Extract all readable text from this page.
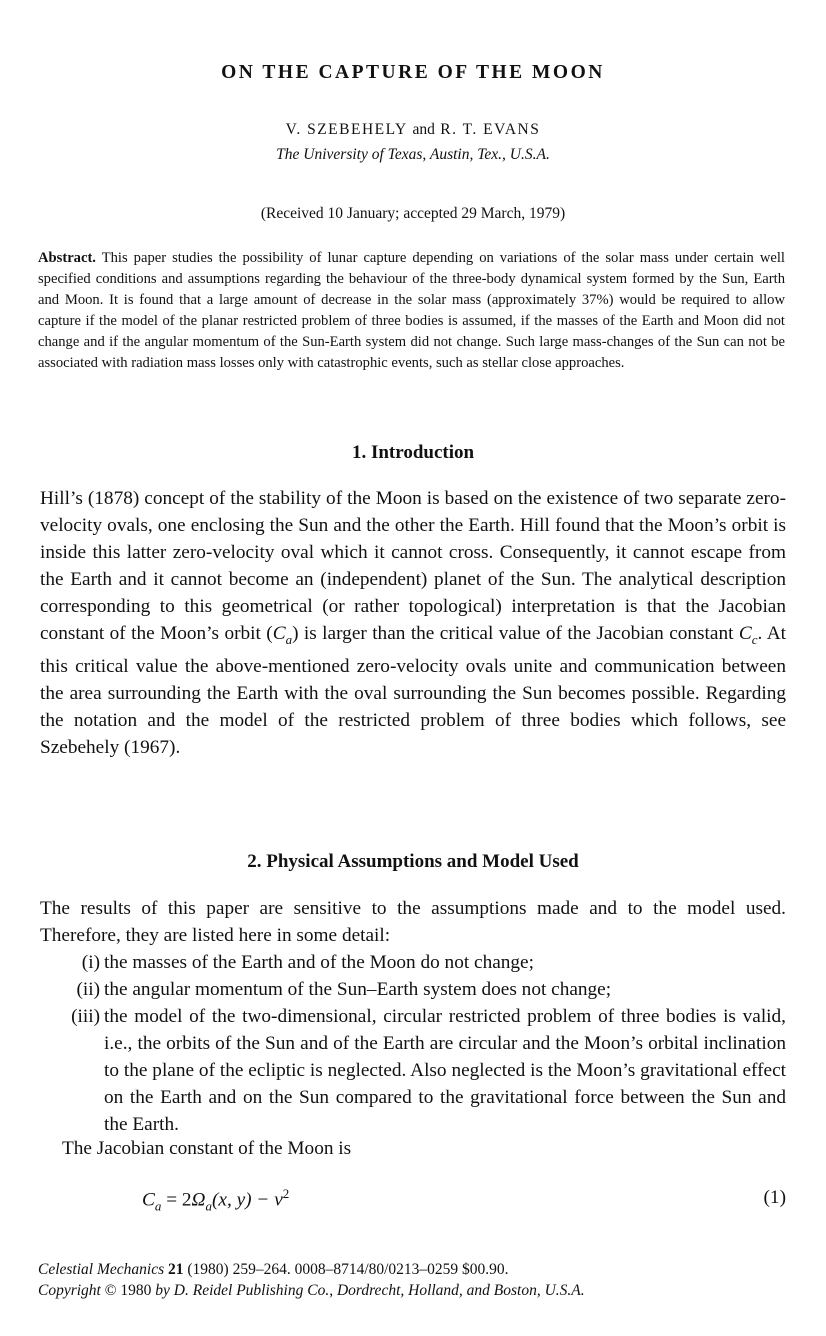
ON THE CAPTURE OF THE MOON
V. SZEBEHELY and R. T. EVANS
The University of Texas, Austin, Tex., U.S.A.
(Received 10 January; accepted 29 March, 1979)
Abstract. This paper studies the possibility of lunar capture depending on variations of the solar mass under certain well specified conditions and assumptions regarding the behaviour of the three-body dynamical system formed by the Sun, Earth and Moon. It is found that a large amount of decrease in the solar mass (approximately 37%) would be required to allow capture if the model of the planar restricted problem of three bodies is assumed, if the masses of the Earth and Moon did not change and if the angular momentum of the Sun-Earth system did not change. Such large mass-changes of the Sun can not be associated with radiation mass losses only with catastrophic events, such as stellar close approaches.
1. Introduction
Hill’s (1878) concept of the stability of the Moon is based on the existence of two separate zero-velocity ovals, one enclosing the Sun and the other the Earth. Hill found that the Moon’s orbit is inside this latter zero-velocity oval which it cannot cross. Consequently, it cannot escape from the Earth and it cannot become an (independent) planet of the Sun. The analytical description corresponding to this geometrical (or rather topological) interpretation is that the Jacobian constant of the Moon’s orbit $(C_a)$ is larger than the critical value of the Jacobian constant $C_c$. At this critical value the above-mentioned zero-velocity ovals unite and communication between the area surrounding the Earth with the oval surrounding the Sun becomes possible. Regarding the notation and the model of the restricted problem of three bodies which follows, see Szebehely (1967).
2. Physical Assumptions and Model Used
The results of this paper are sensitive to the assumptions made and to the model used. Therefore, they are listed here in some detail:
(i) the masses of the Earth and of the Moon do not change;
(ii) the angular momentum of the Sun–Earth system does not change;
(iii) the model of the two-dimensional, circular restricted problem of three bodies is valid, i.e., the orbits of the Sun and of the Earth are circular and the Moon’s orbital inclination to the plane of the ecliptic is neglected. Also neglected is the Moon’s gravitational effect on the Earth and on the Sun compared to the gravitational force between the Sun and the Earth.
The Jacobian constant of the Moon is
$C_a = 2\Omega_a(x$, $y) - v^2$	(1)
Celestial Mechanics 21 (1980) 259–264. 0008–8714/80/0213–0259 $00.90.
Copyright © 1980 by D. Reidel Publishing Co., Dordrecht, Holland, and Boston, U.S.A.
